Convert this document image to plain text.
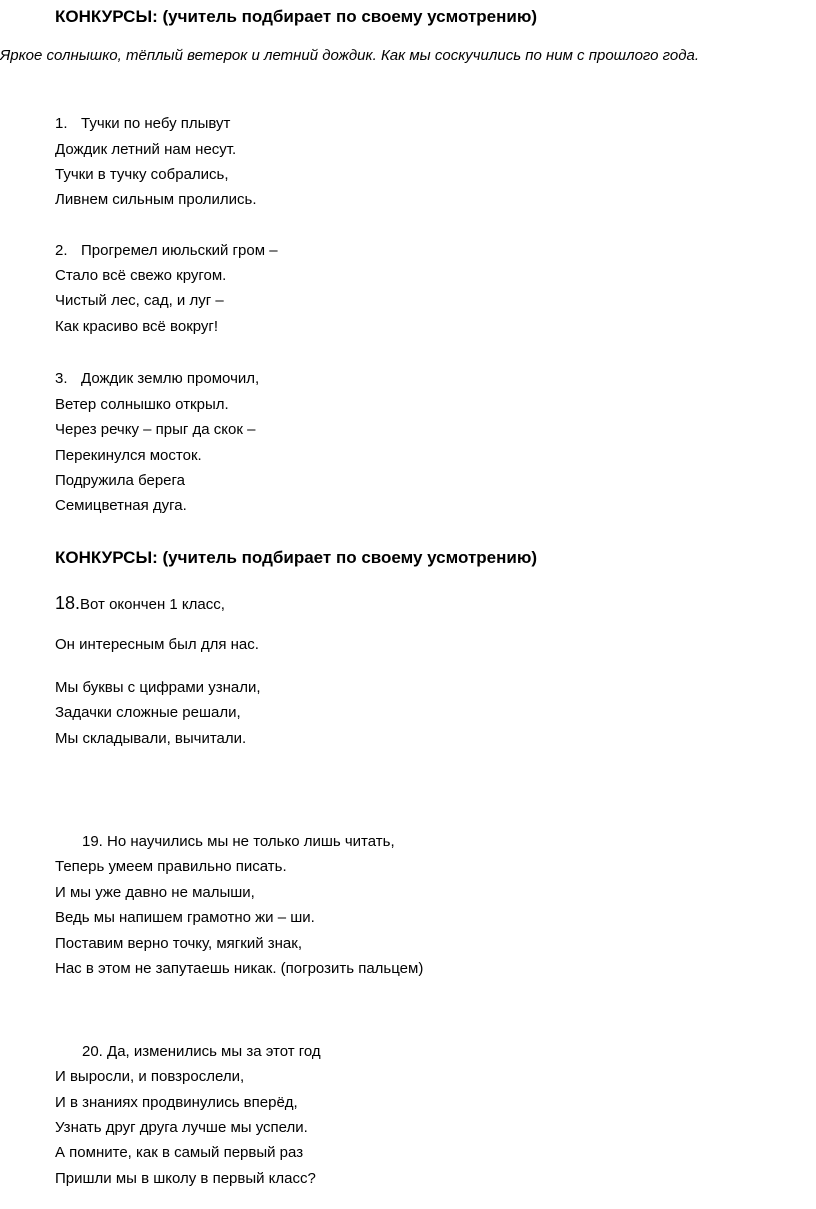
КОНКУРСЫ: (учитель подбирает по своему усмотрению)
Яркое солнышко, тёплый ветерок и летний дождик. Как мы соскучились по ним с прошлого года.
1. Тучки по небу плывут
Дождик летний нам несут.
Тучки в тучку собрались,
Ливнем сильным пролились.
2. Прогремел июльский гром –
Стало всё свежо кругом.
Чистый лес, сад, и луг –
Как красиво всё вокруг!
3. Дождик землю промочил,
Ветер солнышко открыл.
Через речку – прыг да скок –
Перекинулся мосток.
Подружила берега
Семицветная дуга.
КОНКУРСЫ: (учитель подбирает по своему усмотрению)
18.Вот окончен 1 класс,
Он интересным был для нас.
Мы буквы с цифрами узнали,
Задачки сложные решали,
Мы складывали, вычитали.
19. Но научились мы не только лишь читать,
Теперь умеем правильно писать.
И мы уже давно не малыши,
Ведь мы напишем грамотно жи – ши.
Поставим верно точку, мягкий знак,
Нас в этом не запутаешь никак. (погрозить пальцем)
20. Да, изменились мы за этот год
И выросли, и повзрослели,
И в знаниях продвинулись вперёд,
Узнать друг друга лучше мы успели.
А помните, как в самый первый раз
Пришли мы в школу в первый класс?
